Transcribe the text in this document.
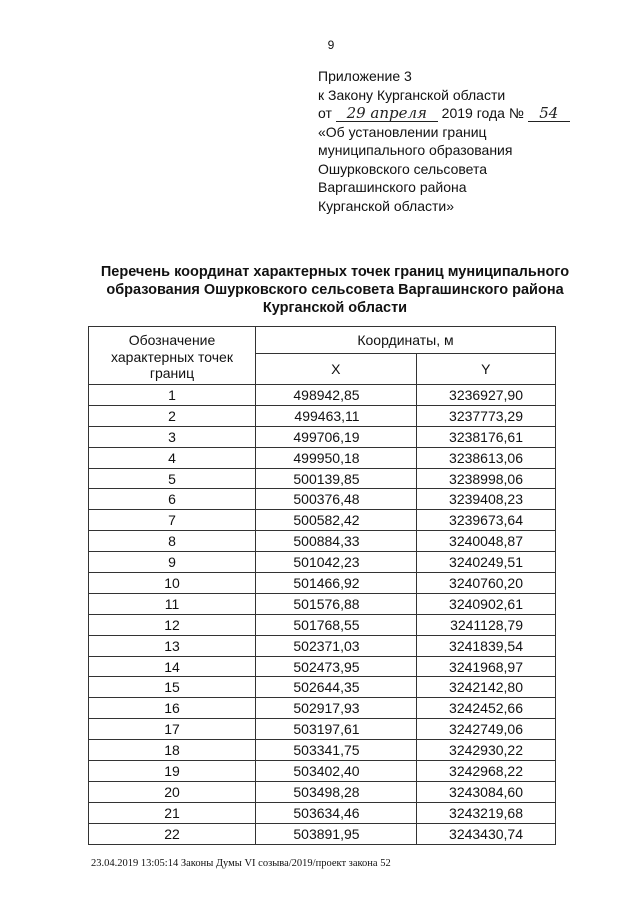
9
Приложение 3
к Закону Курганской области
от 29 апреля 2019 года № 54
«Об установлении границ
муниципального образования
Ошурковского сельсовета
Варгашинского района
Курганской области»
Перечень координат характерных точек границ муниципального
образования Ошурковского сельсовета Варгашинского района
Курганской области
Обозначение характерных точек границ	Координаты, м	
	X	Y
1	498942,85	3236927,90
2	499463,11	3237773,29
3	499706,19	3238176,61
4	499950,18	3238613,06
5	500139,85	3238998,06
6	500376,48	3239408,23
7	500582,42	3239673,64
8	500884,33	3240048,87
9	501042,23	3240249,51
10	501466,92	3240760,20
11	501576,88	3240902,61
12	501768,55	3241128,79
13	502371,03	3241839,54
14	502473,95	3241968,97
15	502644,35	3242142,80
16	502917,93	3242452,66
17	503197,61	3242749,06
18	503341,75	3242930,22
19	503402,40	3242968,22
20	503498,28	3243084,60
21	503634,46	3243219,68
22	503891,95	3243430,74
23.04.2019 13:05:14 Законы Думы VI созыва/2019/проект закона 52
